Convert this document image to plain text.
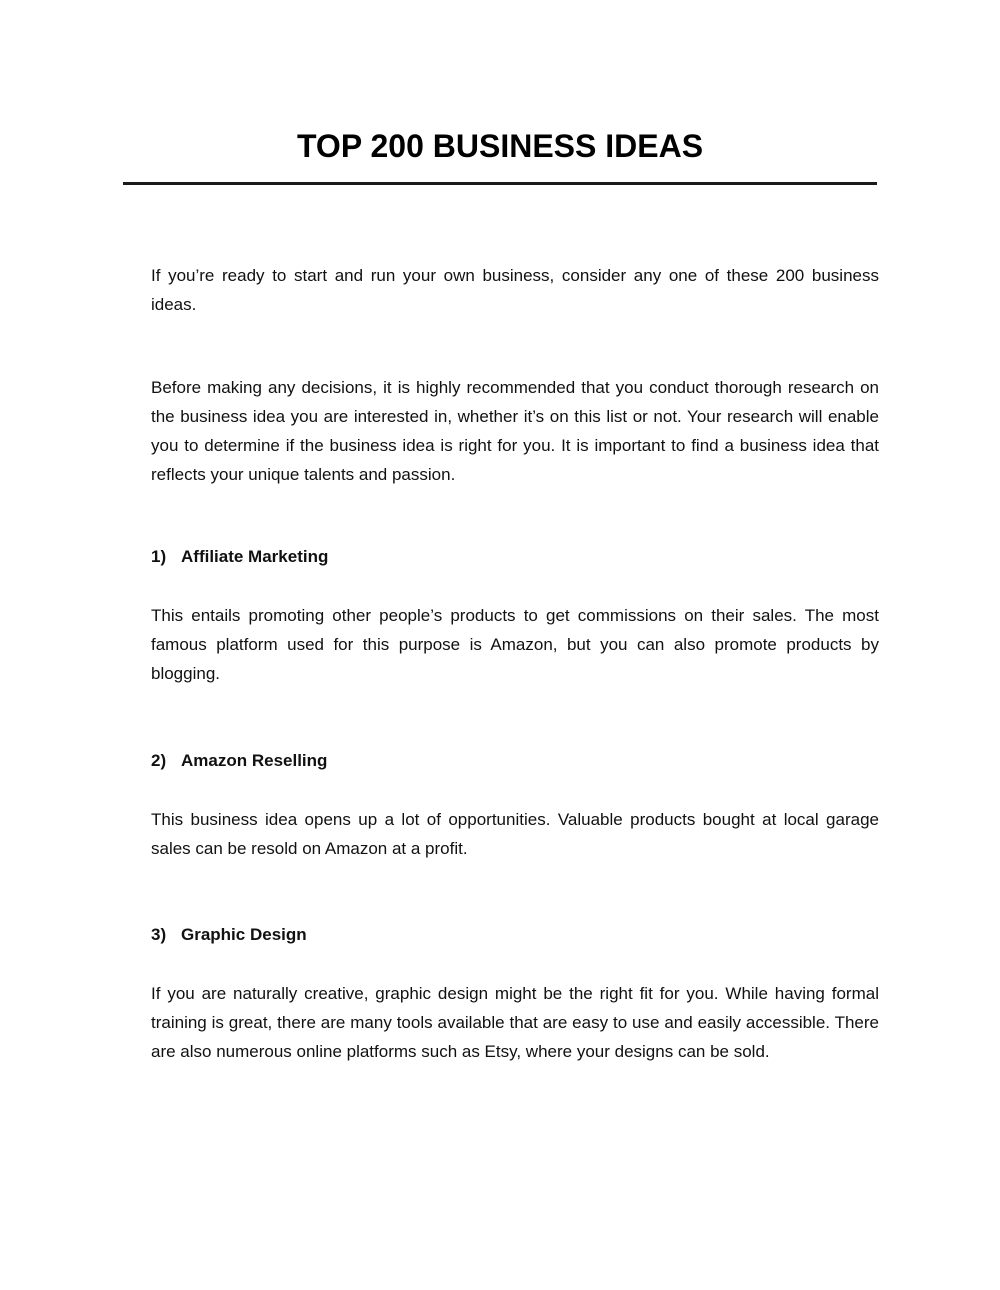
TOP 200 BUSINESS IDEAS

If you’re ready to start and run your own business, consider any one of these 200 business ideas.

Before making any decisions, it is highly recommended that you conduct thorough research on the business idea you are interested in, whether it’s on this list or not. Your research will enable you to determine if the business idea is right for you. It is important to find a business idea that reflects your unique talents and passion.

1) Affiliate Marketing

This entails promoting other people’s products to get commissions on their sales. The most famous platform used for this purpose is Amazon, but you can also promote products by blogging.

2) Amazon Reselling

This business idea opens up a lot of opportunities. Valuable products bought at local garage sales can be resold on Amazon at a profit.

3) Graphic Design

If you are naturally creative, graphic design might be the right fit for you. While having formal training is great, there are many tools available that are easy to use and easily accessible. There are also numerous online platforms such as Etsy, where your designs can be sold.
